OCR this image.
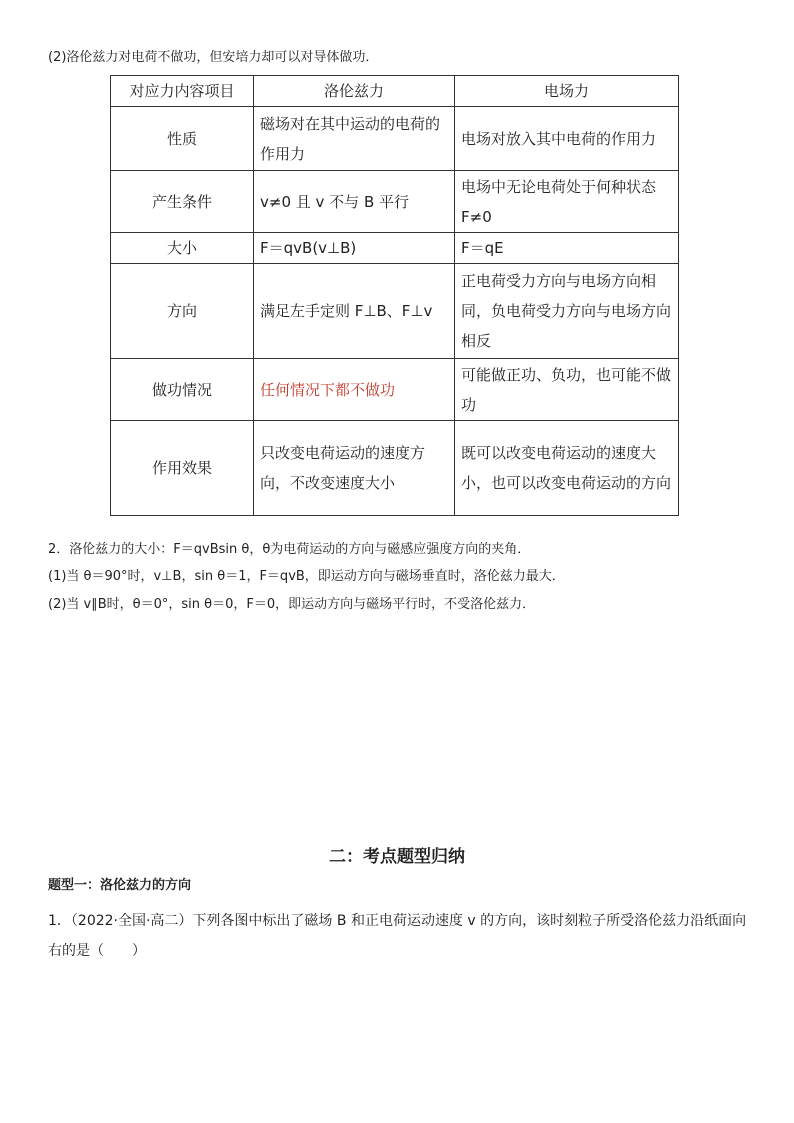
(2)洛伦兹力对电荷不做功，但安培力却可以对导体做功．
对应力内容项目	洛伦兹力	电场力
性质	磁场对在其中运动的电荷的作用力	电场对放入其中电荷的作用力
产生条件	v≠0 且 v 不与 B 平行	电场中无论电荷处于何种状态 F≠0
大小	F＝qvB(v⊥B)	F＝qE
方向	满足左手定则 F⊥B、F⊥v	正电荷受力方向与电场方向相同，负电荷受力方向与电场方向相反
做功情况	任何情况下都不做功	可能做正功、负功，也可能不做功
作用效果	只改变电荷运动的速度方向，不改变速度大小	既可以改变电荷运动的速度大小，也可以改变电荷运动的方向
2．洛伦兹力的大小：F＝qvBsin θ，θ为电荷运动的方向与磁感应强度方向的夹角．
(1)当 θ＝90°时，v⊥B，sin θ＝1，F＝qvB，即运动方向与磁场垂直时，洛伦兹力最大．
(2)当 v∥B时，θ＝0°，sin θ＝0，F＝0，即运动方向与磁场平行时，不受洛伦兹力．
二：考点题型归纳
题型一：洛伦兹力的方向
1．（2022·全国·高二）下列各图中标出了磁场 B 和正电荷运动速度 v 的方向，该时刻粒子所受洛伦兹力沿纸面向右的是（　　）
